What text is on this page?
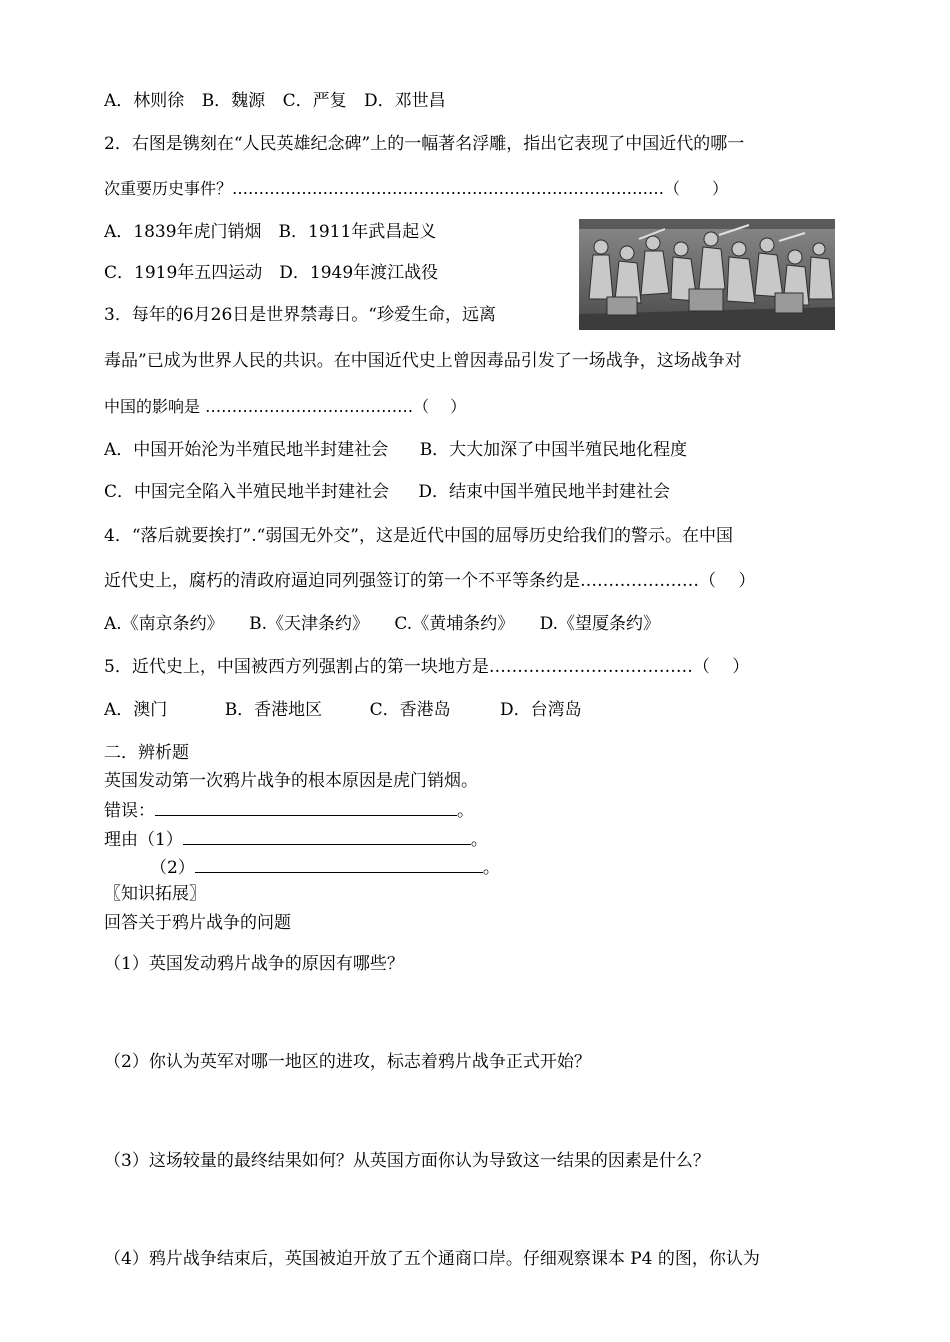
A．林则徐 B．魏源 C．严复 D．邓世昌
2．右图是镌刻在“人民英雄纪念碑”上的一幅著名浮雕，指出它表现了中国近代的哪一
次重要历史事件？………………………………………………………………………（　　）
A．1839年虎门销烟　B．1911年武昌起义
C．1919年五四运动　D．1949年渡江战役
3．每年的6月26日是世界禁毒日。“珍爱生命，远离
毒品”已成为世界人民的共识。在中国近代史上曾因毒品引发了一场战争，这场战争对
中国的影响是 …………………………………（　 ）
A．中国开始沦为半殖民地半封建社会 B．大大加深了中国半殖民地化程度
C．中国完全陷入半殖民地半封建社会 D．结束中国半殖民地半封建社会
4．“落后就要挨打”.“弱国无外交”，这是近代中国的屈辱历史给我们的警示。在中国
近代史上，腐朽的清政府逼迫同列强签订的第一个不平等条约是…………………（　 ）
A.《南京条约》 B.《天津条约》 C.《黄埔条约》 D.《望厦条约》
5．近代史上，中国被西方列强割占的第一块地方是………………………………（　 ）
A．澳门	B．香港地区	C．香港岛	D．台湾岛
二．辨析题
英国发动第一次鸦片战争的根本原因是虎门销烟。
错误：	。
理由（1）	。
（2）	。
〖知识拓展〗
回答关于鸦片战争的问题
（1）英国发动鸦片战争的原因有哪些？
（2）你认为英军对哪一地区的进攻，标志着鸦片战争正式开始？
（3）这场较量的最终结果如何？从英国方面你认为导致这一结果的因素是什么？
（4）鸦片战争结束后，英国被迫开放了五个通商口岸。仔细观察课本 P4 的图，你认为
